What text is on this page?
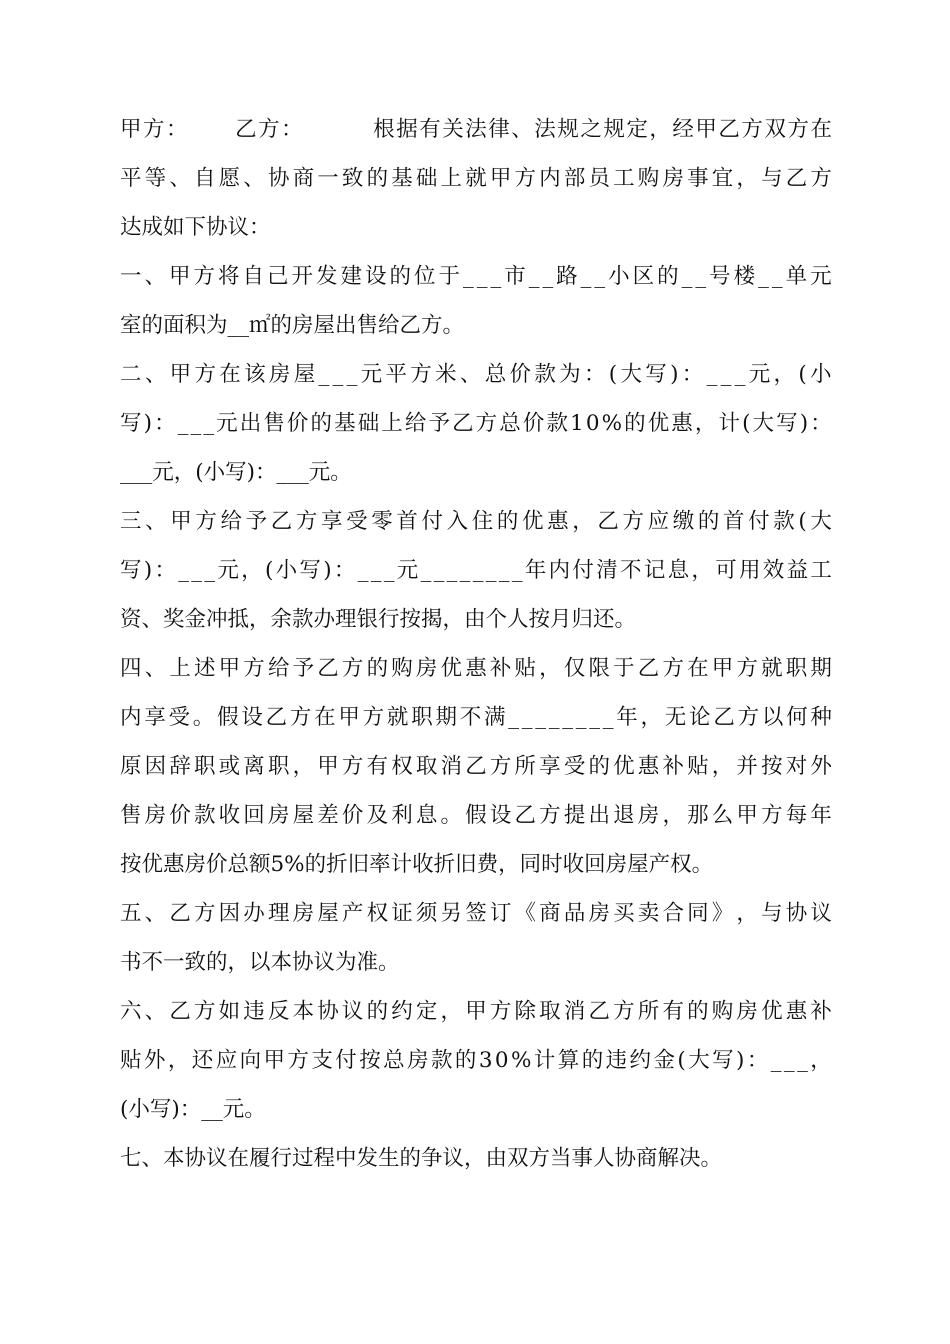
甲 方 ：

　 乙 方 ：

　	根 据 有 关 法 律 、 法 规 之 规 定 ， 经 甲 乙 方 双 方 在
平 等 、 自 愿 、 协 商 一 致 的 基 础 上 就 甲 方 内 部 员 工 购 房 事 宜 ， 与 乙 方
达成如下协议：
一 、 甲 方 将 自 己 开 发 建 设 的 位 于 _ _ _ 市 _ _ 路 _ _ 小 区 的 _ _ 号 楼 _ _ 单 元
室的面积为__㎡的房屋出售给乙方。
二 、 甲 方 在 该 房 屋 _ _ _ 元 平 方 米 、 总 价 款 为 ： ( 大 写 ) ： _ _ _ 元 ， ( 小
写 ) ： _ _ _ 元 出 售 价 的 基 础 上 给 予 乙 方 总 价 款 1 0 % 的 优 惠 ， 计 ( 大 写 ) ：
___元，(小写)：___元。
三 、 甲 方 给 予 乙 方 享 受 零 首 付 入 住 的 优 惠 ， 乙 方 应 缴 的 首 付 款 ( 大
写 ) ： _ _ _ 元 ， ( 小 写 ) ： _ _ _ 元 _ _ _ _ _ _ _ _ 年 内 付 清 不 记 息 ， 可 用 效 益 工
资、奖金冲抵，余款办理银行按揭，由个人按月归还。
四 、 上 述 甲 方 给 予 乙 方 的 购 房 优 惠 补 贴 ， 仅 限 于 乙 方 在 甲 方 就 职 期
内 享 受 。 假 设 乙 方 在 甲 方 就 职 期 不 满 _ _ _ _ _ _ _ _ 年 ， 无 论 乙 方 以 何 种
原 因 辞 职 或 离 职 ， 甲 方 有 权 取 消 乙 方 所 享 受 的 优 惠 补 贴 ， 并 按 对 外
售 房 价 款 收 回 房 屋 差 价 及 利 息 。 假 设 乙 方 提 出 退 房 ， 那 么 甲 方 每 年
按优惠房价总额5%的折旧率计收折旧费，同时收回房屋产权。
五 、 乙 方 因 办 理 房 屋 产 权 证 须 另 签 订 《 商 品 房 买 卖 合 同 》 ， 与 协 议
书不一致的，以本协议为准。
六 、 乙 方 如 违 反 本 协 议 的 约 定 ， 甲 方 除 取 消 乙 方 所 有 的 购 房 优 惠 补
贴 外 ， 还 应 向 甲 方 支 付 按 总 房 款 的 3 0 % 计 算 的 违 约 金 ( 大 写 ) ： _ _ _ ，
(小写)：__元。
七、本协议在履行过程中发生的争议，由双方当事人协商解决。
